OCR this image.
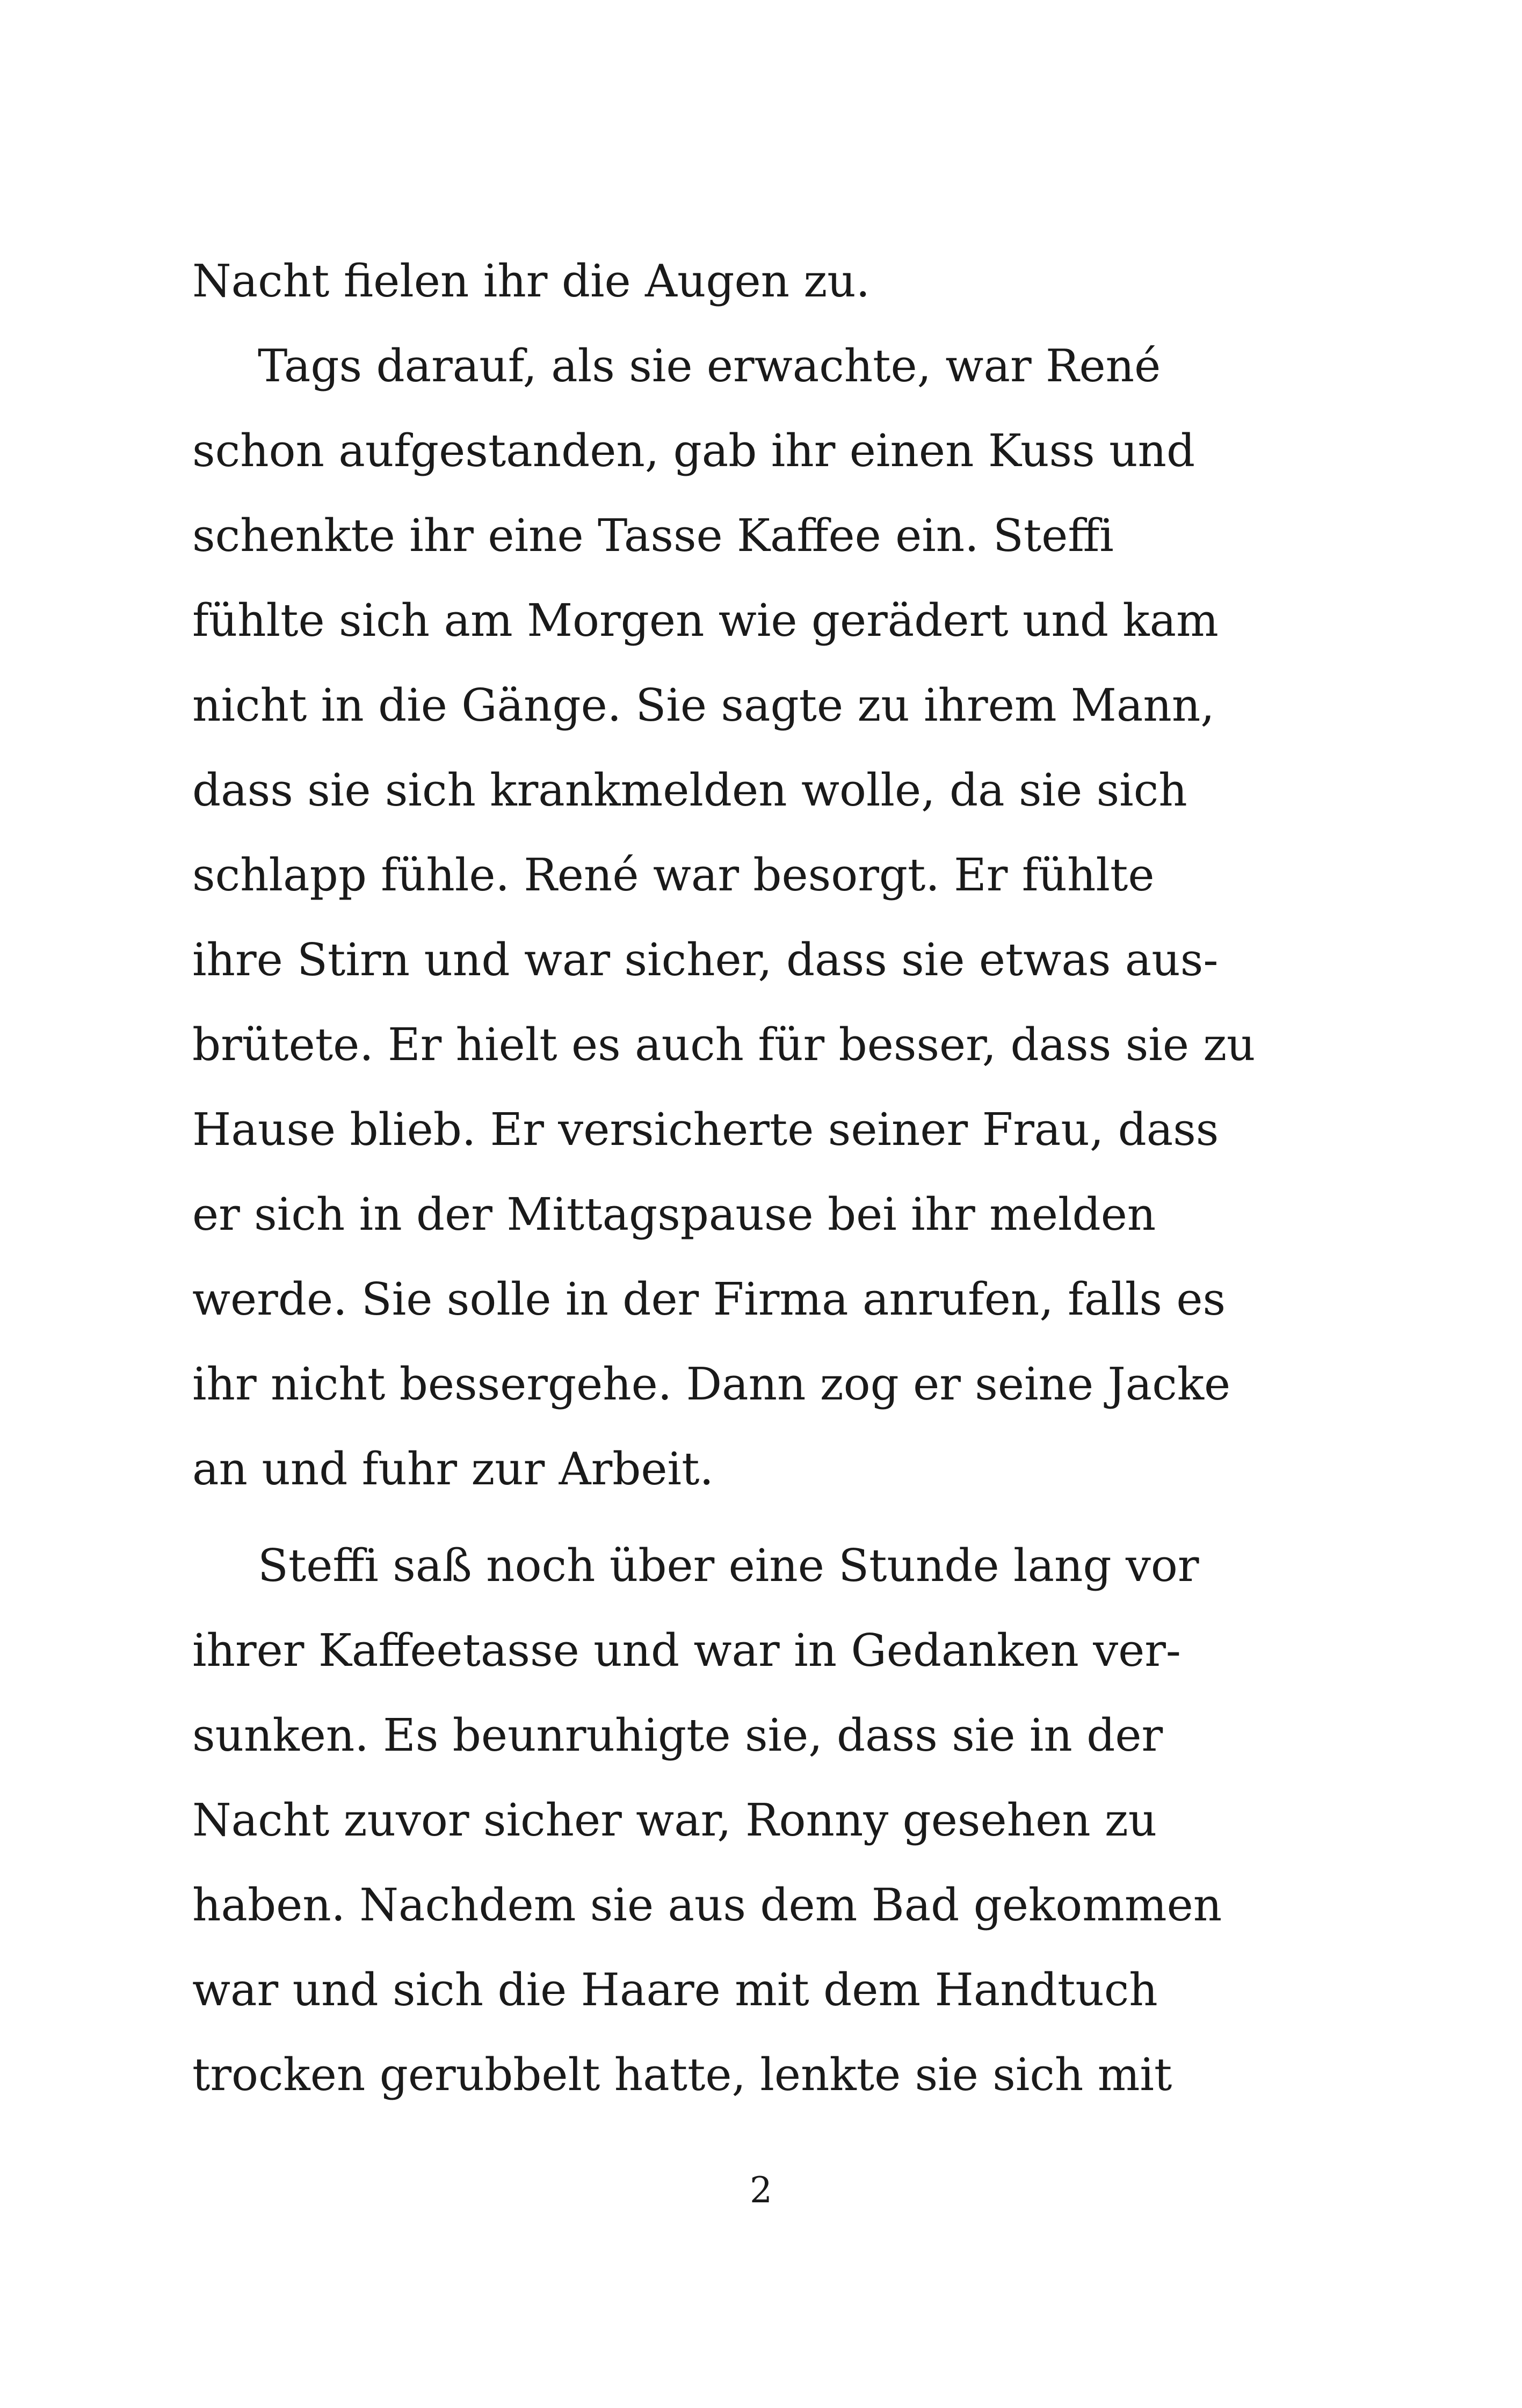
Nacht fielen ihr die Augen zu.
Tags darauf, als sie erwachte, war René
schon aufgestanden, gab ihr einen Kuss und
schenkte ihr eine Tasse Kaffee ein. Steffi
fühlte sich am Morgen wie gerädert und kam
nicht in die Gänge. Sie sagte zu ihrem Mann,
dass sie sich krankmelden wolle, da sie sich
schlapp fühle. René war besorgt. Er fühlte
ihre Stirn und war sicher, dass sie etwas aus-
brütete. Er hielt es auch für besser, dass sie zu
Hause blieb. Er versicherte seiner Frau, dass
er sich in der Mittagspause bei ihr melden
werde. Sie solle in der Firma anrufen, falls es
ihr nicht bessergehe. Dann zog er seine Jacke
an und fuhr zur Arbeit.
Steffi saß noch über eine Stunde lang vor
ihrer Kaffeetasse und war in Gedanken ver-
sunken. Es beunruhigte sie, dass sie in der
Nacht zuvor sicher war, Ronny gesehen zu
haben. Nachdem sie aus dem Bad gekommen
war und sich die Haare mit dem Handtuch
trocken gerubbelt hatte, lenkte sie sich mit
2
